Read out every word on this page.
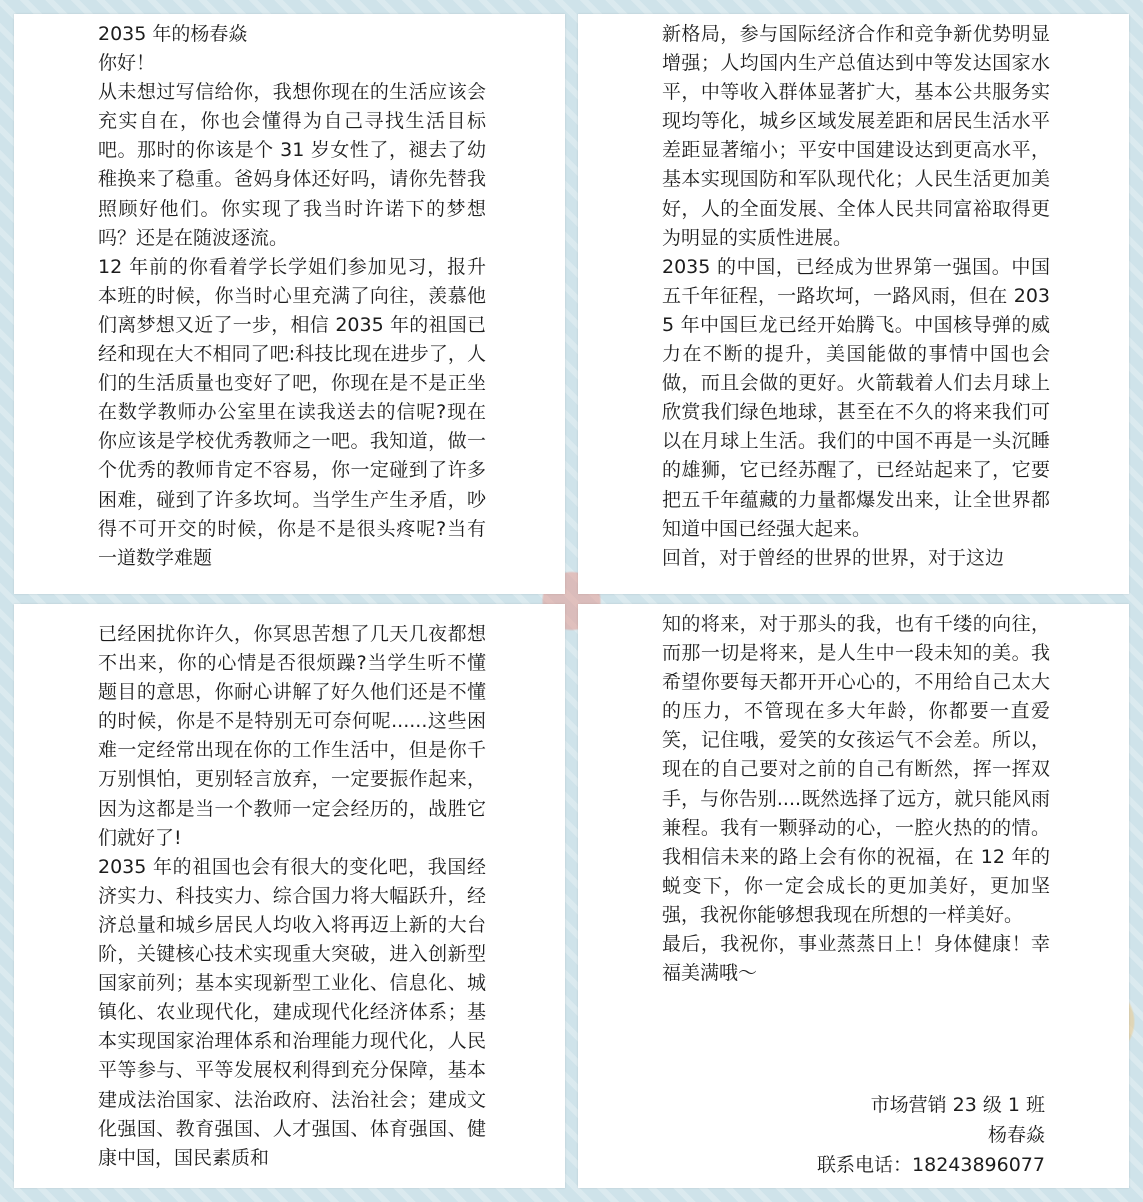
2035 年的杨春焱
你好！
从未想过写信给你，我想你现在的生活应该会充实自在，你也会懂得为自己寻找生活目标吧。那时的你该是个 31 岁女性了，褪去了幼稚换来了稳重。爸妈身体还好吗，请你先替我照顾好他们。你实现了我当时许诺下的梦想吗？还是在随波逐流。
12 年前的你看着学长学姐们参加见习，报升本班的时候，你当时心里充满了向往，羡慕他们离梦想又近了一步，相信 2035 年的祖国已经和现在大不相同了吧:科技比现在进步了，人们的生活质量也变好了吧，你现在是不是正坐在数学教师办公室里在读我送去的信呢?现在你应该是学校优秀教师之一吧。我知道，做一个优秀的教师肯定不容易，你一定碰到了许多困难，碰到了许多坎坷。当学生产生矛盾，吵得不可开交的时候，你是不是很头疼呢?当有一道数学难题
新格局，参与国际经济合作和竞争新优势明显增强；人均国内生产总值达到中等发达国家水平，中等收入群体显著扩大，基本公共服务实现均等化，城乡区域发展差距和居民生活水平差距显著缩小；平安中国建设达到更高水平，基本实现国防和军队现代化；人民生活更加美好，人的全面发展、全体人民共同富裕取得更为明显的实质性进展。
2035 的中国，已经成为世界第一强国。中国五千年征程，一路坎坷，一路风雨，但在 2035 年中国巨龙已经开始腾飞。中国核导弹的威力在不断的提升，美国能做的事情中国也会做，而且会做的更好。火箭载着人们去月球上欣赏我们绿色地球，甚至在不久的将来我们可以在月球上生活。我们的中国不再是一头沉睡的雄狮，它已经苏醒了，已经站起来了，它要把五千年蕴藏的力量都爆发出来，让全世界都知道中国已经强大起来。
回首，对于曾经的世界的世界，对于这边
已经困扰你许久，你冥思苦想了几天几夜都想不出来，你的心情是否很烦躁?当学生听不懂题目的意思，你耐心讲解了好久他们还是不懂的时候，你是不是特别无可奈何呢......这些困难一定经常出现在你的工作生活中，但是你千万别惧怕，更别轻言放弃，一定要振作起来，因为这都是当一个教师一定会经历的，战胜它们就好了!
2035 年的祖国也会有很大的变化吧，我国经济实力、科技实力、综合国力将大幅跃升，经济总量和城乡居民人均收入将再迈上新的大台阶，关键核心技术实现重大突破，进入创新型国家前列；基本实现新型工业化、信息化、城镇化、农业现代化，建成现代化经济体系；基本实现国家治理体系和治理能力现代化，人民平等参与、平等发展权利得到充分保障，基本建成法治国家、法治政府、法治社会；建成文化强国、教育强国、人才强国、体育强国、健康中国，国民素质和
知的将来，对于那头的我，也有千缕的向往，而那一切是将来，是人生中一段未知的美。我希望你要每天都开开心心的，不用给自己太大的压力，不管现在多大年龄，你都要一直爱笑，记住哦，爱笑的女孩运气不会差。所以，现在的自己要对之前的自己有断然，挥一挥双手，与你告别....既然选择了远方，就只能风雨兼程。我有一颗驿动的心，一腔火热的的情。我相信未来的路上会有你的祝福，在 12 年的蜕变下，你一定会成长的更加美好，更加坚强，我祝你能够想我现在所想的一样美好。
最后，我祝你，事业蒸蒸日上！身体健康！幸福美满哦～
市场营销 23 级 1 班
杨春焱
联系电话：18243896077
